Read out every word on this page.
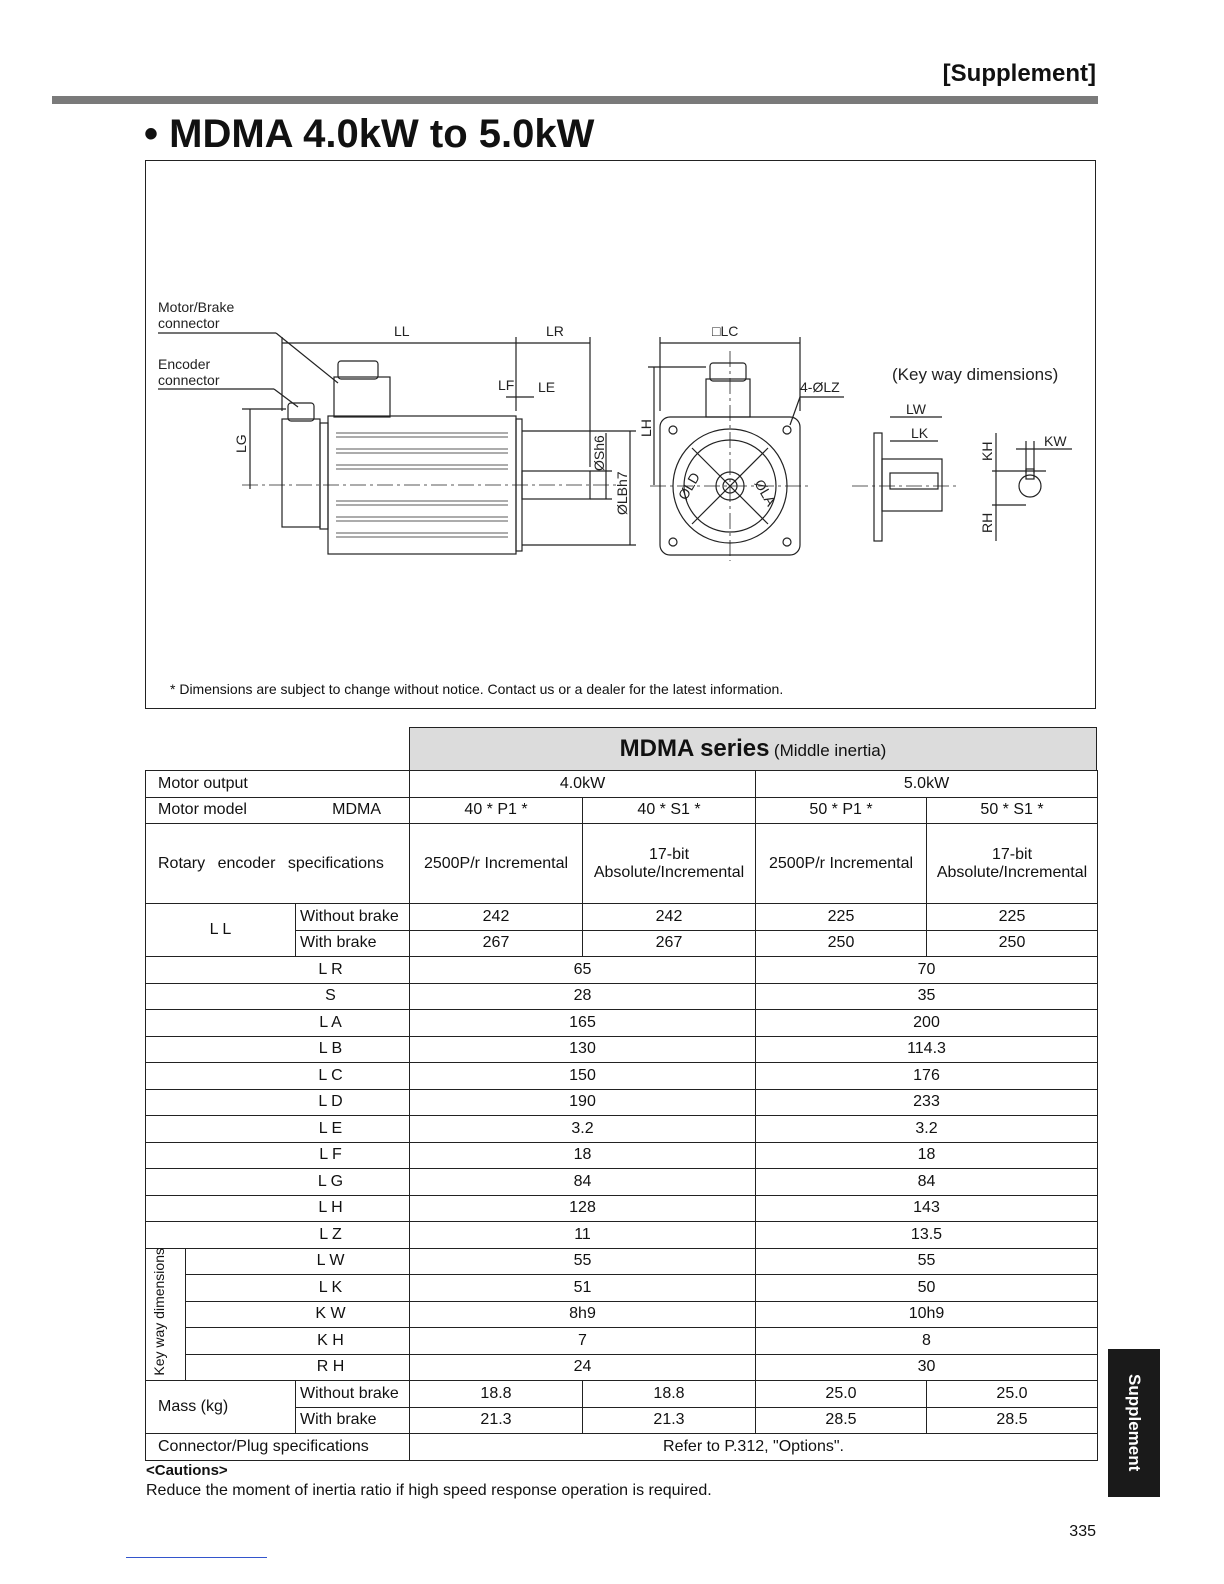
[Supplement]
• MDMA 4.0kW to 5.0kW
Motor/Brake
connector
Encoder
connector
LL	LR
LF LE
LG	ØSh6
ØLBh7
□LC
LH
4-ØLZ
ØLD	ØLA
(Key way dimensions)
LW
LK
KH
RH
KW
* Dimensions are subject to change without notice. Contact us or a dealer for the latest information.
MDMA series (Middle inertia)
Motor output			4.0kW		5.0kW	
Motor model MDMA			40 * P1 *	40 * S1 *	50 * P1 *	50 * S1 *
Rotary encoder specifications			2500P/r Incremental	17-bit Absolute/Incremental	2500P/r Incremental	17-bit Absolute/Incremental
L L		Without brake	242	242	225	225
		With brake	267	267	250	250
L R			65		70	
S			28		35	
L A			165		200	
L B			130		114.3	
L C			150		176	
L D			190		233	
L E			3.2		3.2	
L F			18		18	
L G			84		84	
L H			128		143	
L Z			11		13.5	
Key way dimensions	L W		55		55	
	L K		51		50	
	K W		8h9		10h9	
	K H		7		8	
	R H		24		30	
Mass (kg)		Without brake	18.8	18.8	25.0	25.0
		With brake	21.3	21.3	28.5	28.5
Connector/Plug specifications			Refer to P.312, "Options".			
<Cautions>
Reduce the moment of inertia ratio if high speed response operation is required.
Supplement
335
